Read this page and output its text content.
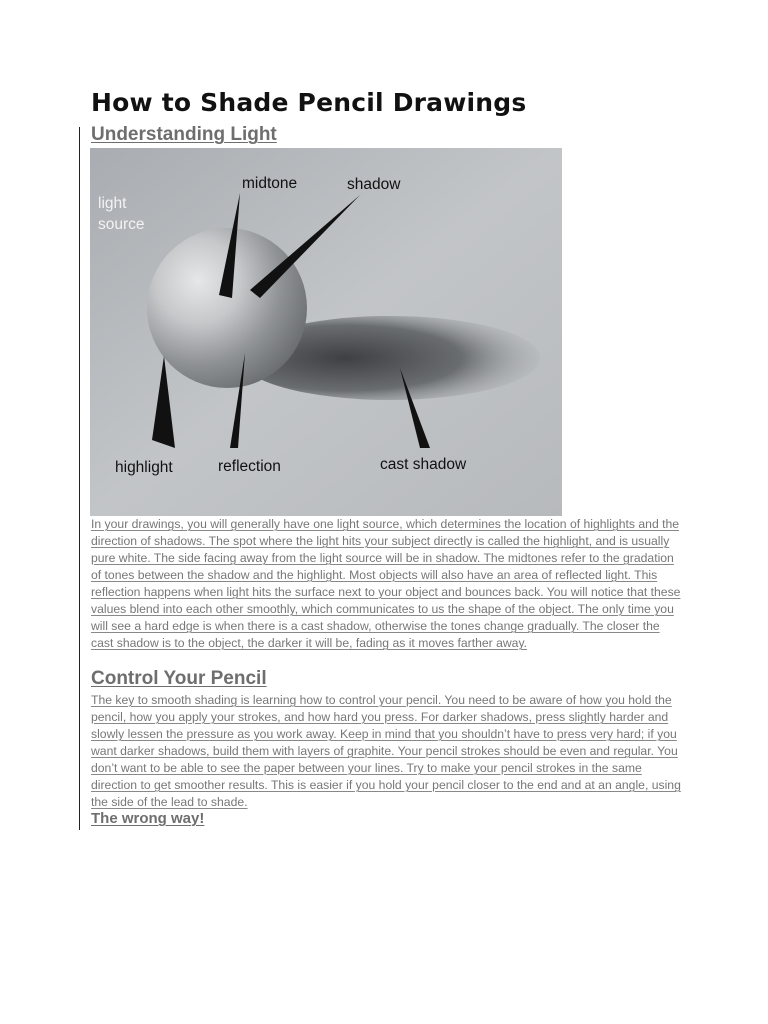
How to Shade Pencil Drawings
Understanding Light
light
source
midtone	shadow
highlight	reflection	cast shadow

In your drawings, you will generally have one light source, which determines the location of highlights and the direction of shadows. The spot where the light hits your subject directly is called the highlight, and is usually pure white. The side facing away from the light source will be in shadow. The midtones refer to the gradation of tones between the shadow and the highlight. Most objects will also have an area of reflected light. This reflection happens when light hits the surface next to your object and bounces back. You will notice that these values blend into each other smoothly, which communicates to us the shape of the object. The only time you will see a hard edge is when there is a cast shadow, otherwise the tones change gradually. The closer the cast shadow is to the object, the darker it will be, fading as it moves farther away.

Control Your Pencil

The key to smooth shading is learning how to control your pencil. You need to be aware of how you hold the pencil, how you apply your strokes, and how hard you press. For darker shadows, press slightly harder and slowly lessen the pressure as you work away. Keep in mind that you shouldn’t have to press very hard; if you want darker shadows, build them with layers of graphite. Your pencil strokes should be even and regular. You don’t want to be able to see the paper between your lines. Try to make your pencil strokes in the same direction to get smoother results. This is easier if you hold your pencil closer to the end and at an angle, using the side of the lead to shade.

The wrong way!
